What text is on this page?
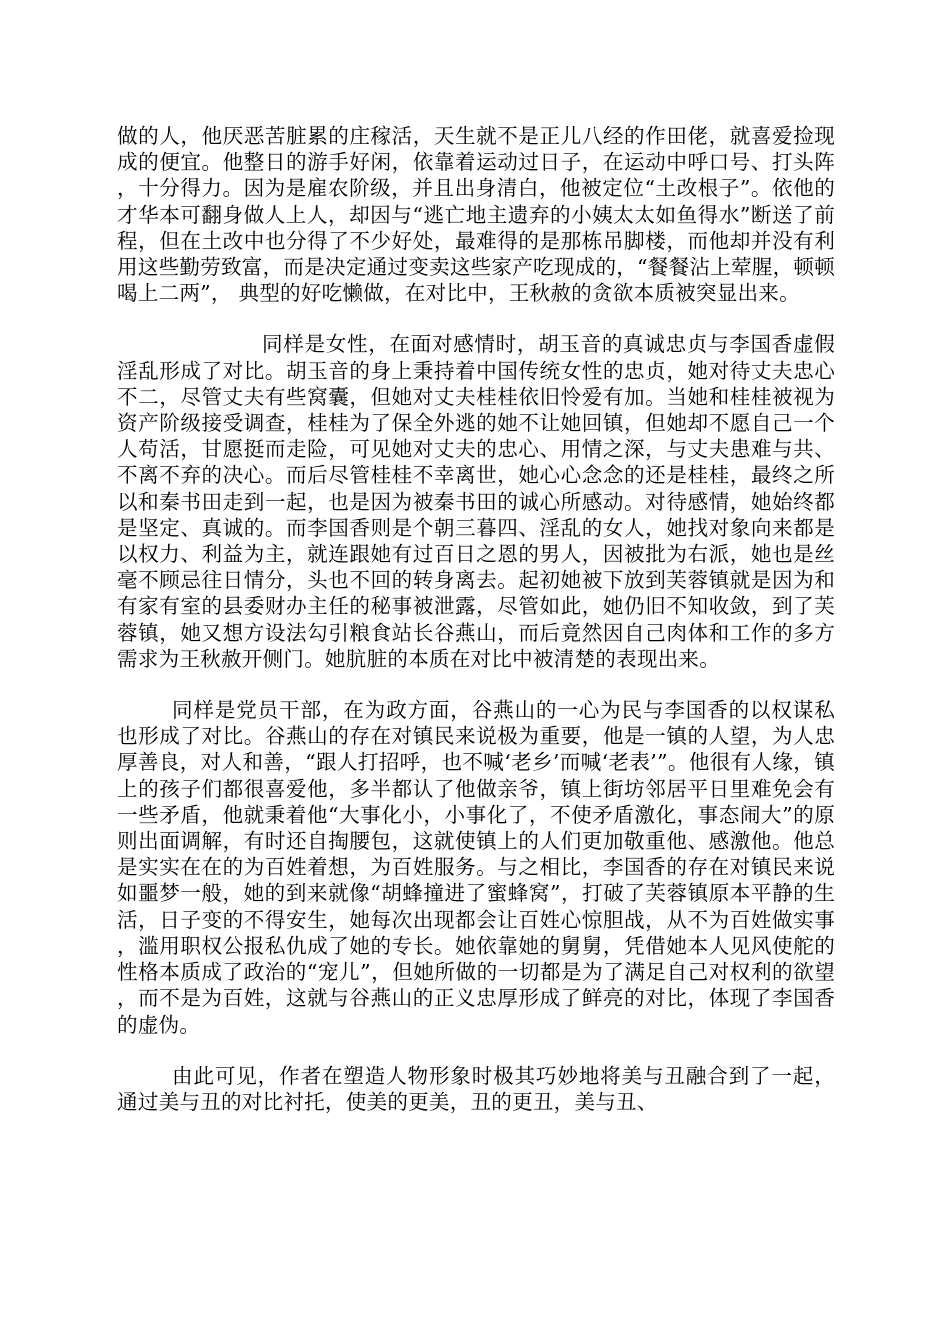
做的人，他厌恶苦脏累的庄稼活，天生就不是正儿八经的作田佬，就喜爱捡现成的便宜。他整日的游手好闲，依靠着运动过日子，在运动中呼口号、打头阵，十分得力。因为是雇农阶级，并且出身清白，他被定位“土改根子”。依他的才华本可翻身做人上人，却因与“逃亡地主遗弃的小姨太太如鱼得水”断送了前程，但在土改中也分得了不少好处，最难得的是那栋吊脚楼，而他却并没有利用这些勤劳致富，而是决定通过变卖这些家产吃现成的，“餐餐沾上荤腥，顿顿喝上二两”， 典型的好吃懒做，在对比中，王秋赦的贪欲本质被突显出来。

同样是女性，在面对感情时，胡玉音的真诚忠贞与李国香虚假淫乱形成了对比。胡玉音的身上秉持着中国传统女性的忠贞，她对待丈夫忠心不二，尽管丈夫有些窝囊，但她对丈夫桂桂依旧怜爱有加。当她和桂桂被视为资产阶级接受调查，桂桂为了保全外逃的她不让她回镇，但她却不愿自己一个人苟活，甘愿挺而走险，可见她对丈夫的忠心、用情之深，与丈夫患难与共、不离不弃的决心。而后尽管桂桂不幸离世，她心心念念的还是桂桂，最终之所以和秦书田走到一起，也是因为被秦书田的诚心所感动。对待感情，她始终都是坚定、真诚的。而李国香则是个朝三暮四、淫乱的女人，她找对象向来都是以权力、利益为主，就连跟她有过百日之恩的男人，因被批为右派，她也是丝毫不顾忌往日情分，头也不回的转身离去。起初她被下放到芙蓉镇就是因为和有家有室的县委财办主任的秘事被泄露，尽管如此，她仍旧不知收敛，到了芙蓉镇，她又想方设法勾引粮食站长谷燕山，而后竟然因自己肉体和工作的多方需求为王秋赦开侧门。她肮脏的本质在对比中被清楚的表现出来。

同样是党员干部，在为政方面，谷燕山的一心为民与李国香的以权谋私也形成了对比。谷燕山的存在对镇民来说极为重要，他是一镇的人望，为人忠厚善良，对人和善，“跟人打招呼，也不喊‘老乡’而喊‘老表’”。他很有人缘，镇上的孩子们都很喜爱他，多半都认了他做亲爷，镇上街坊邻居平日里难免会有一些矛盾，他就秉着他“大事化小，小事化了，不使矛盾激化，事态闹大”的原则出面调解，有时还自掏腰包，这就使镇上的人们更加敬重他、感激他。他总是实实在在的为百姓着想，为百姓服务。与之相比，李国香的存在对镇民来说如噩梦一般，她的到来就像“胡蜂撞进了蜜蜂窝”，打破了芙蓉镇原本平静的生活，日子变的不得安生，她每次出现都会让百姓心惊胆战，从不为百姓做实事，滥用职权公报私仇成了她的专长。她依靠她的舅舅，凭借她本人见风使舵的性格本质成了政治的“宠儿”，但她所做的一切都是为了满足自己对权利的欲望，而不是为百姓，这就与谷燕山的正义忠厚形成了鲜亮的对比，体现了李国香的虚伪。

由此可见，作者在塑造人物形象时极其巧妙地将美与丑融合到了一起，通过美与丑的对比衬托，使美的更美，丑的更丑，美与丑、
